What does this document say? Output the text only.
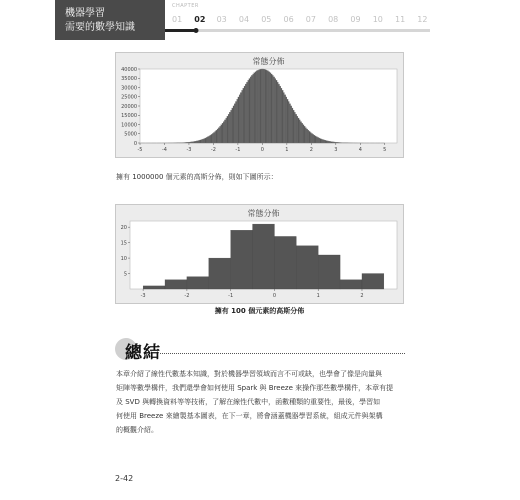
機器學習
需要的數學知識
CHAPTER
01 02 03 04 05 06 07 08 09 10 11 12
常態分佈
-5	-4	-3	-2	-1	0	1	2	3	4	5
0
5000
10000
15000
20000
25000
30000
35000
40000
擁有 1000000 個元素的高斯分佈，則如下圖所示：
常態分佈
-3	-2	-1	0	1	2
5
10
15
20
擁有 100 個元素的高斯分佈
總結
本章介紹了線性代數基本知識，對於機器學習領域而言不可或缺，也學會了像是向量與
矩陣等數學構件，我們還學會如何使用 Spark 與 Breeze 來操作那些數學構件，本章有提
及 SVD 與轉換資料等等技術，了解在線性代數中，函數種類的重要性，最後，學習如
何使用 Breeze 來繪製基本圖表，在下一章，將會涵蓋機器學習系統，組成元件與架構
的概觀介紹。
2-42
